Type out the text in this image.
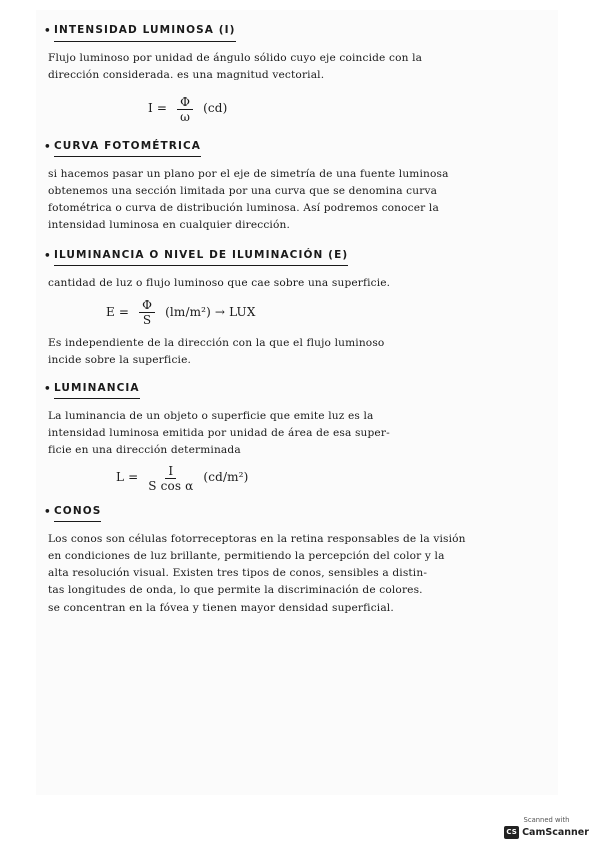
• INTENSIDAD LUMINOSA (I)

Flujo luminoso por unidad de ángulo sólido cuyo eje coincide con la

dirección considerada. es una magnitud vectorial.

$I = \frac{\Phi}{\omega} (cd)$
• CURVA FOTOMÉTRICA

si hacemos pasar un plano por el eje de simetría de una fuente luminosa

obtenemos una sección limitada por una curva que se denomina curva

fotométrica o curva de distribución luminosa. Así podremos conocer la

intensidad luminosa en cualquier dirección.

• ILUMINANCIA O NIVEL DE ILUMINACIÓN (E)

cantidad de luz o flujo luminoso que cae sobre una superficie.

$E = \frac{\Phi}{S} (lm/m^2)$ → LUX

Es independiente de la dirección con la que el flujo luminoso

incide sobre la superficie.

• LUMINANCIA

La luminancia de un objeto o superficie que emite luz es la

intensidad luminosa emitida por unidad de área de esa super-

ficie en una dirección determinada

$L = \frac{I}{\text{S cos α}} (cd/m^2)$
• CONOS

Los conos son células fotorreceptoras en la retina responsables de la visión

en condiciones de luz brillante, permitiendo la percepción del color y la

alta resolución visual. Existen tres tipos de conos, sensibles a distin-

tas longitudes de onda, lo que permite la discriminación de colores.

se concentran en la fóvea y tienen mayor densidad superficial.

Scanned with
CS CamScanner
